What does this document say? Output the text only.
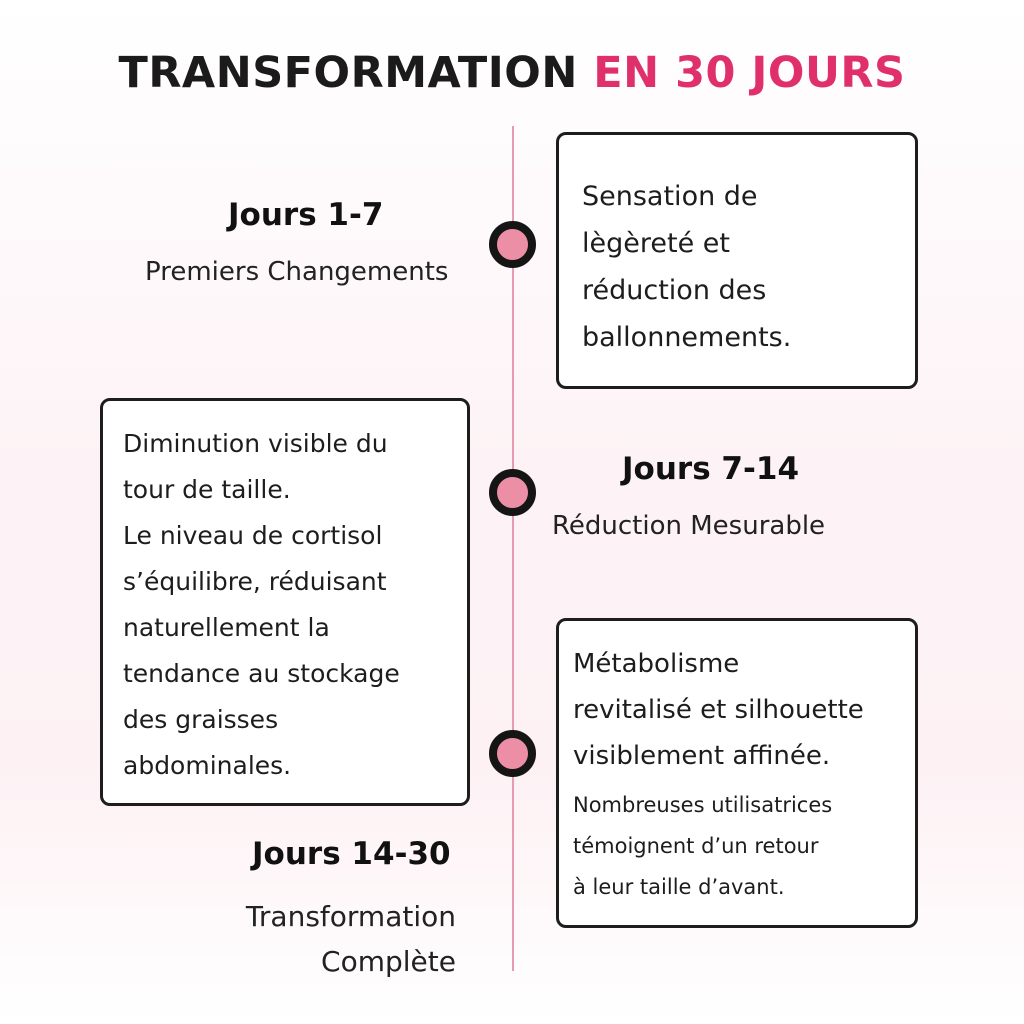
TRANSFORMATION EN 30 JOURS

Jours 1-7

Premiers Changements

Sensation de
lègèreté et
réduction des
ballonnements.

Diminution visible du
tour de taille.
Le niveau de cortisol
s’équilibre, réduisant
naturellement la
tendance au stockage
des graisses
abdominales.

Jours 7-14

Réduction Mesurable

Métabolisme
revitalisé et silhouette
visiblement affinée.

Nombreuses utilisatrices
témoignent d’un retour
à leur taille d’avant.

Jours 14-30

Transformation
Complète
